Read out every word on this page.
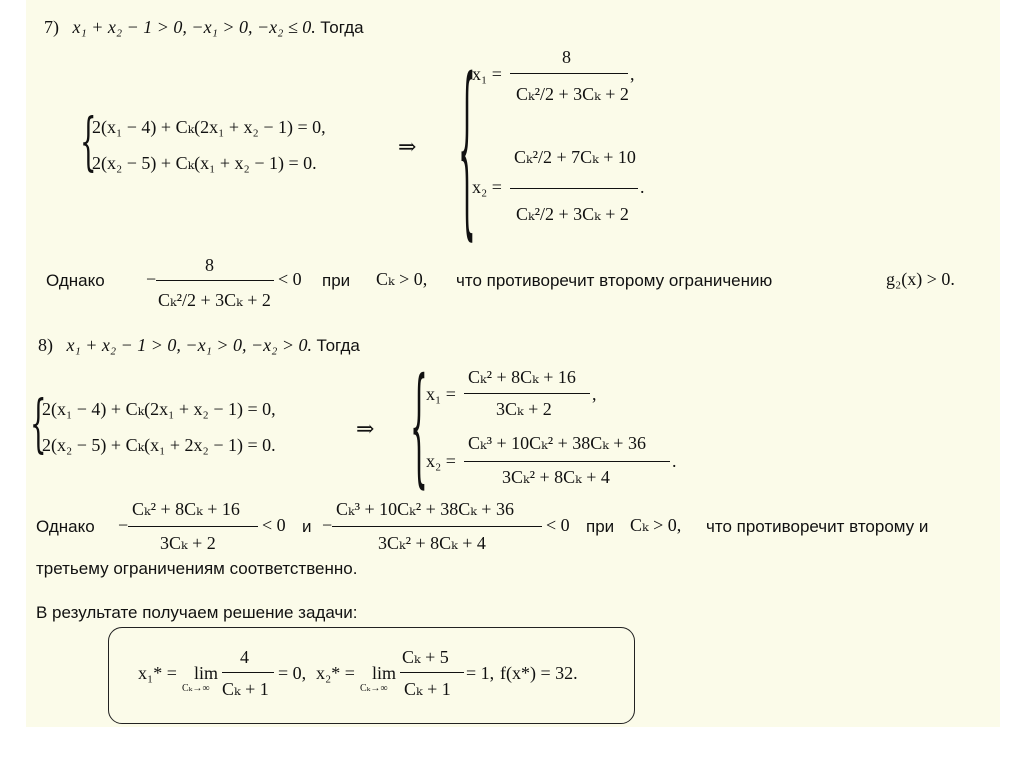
7) x₁ + x₂ − 1 > 0, −x₁ > 0, −x₂ ≤ 0. Тогда
{
2(x₁ − 4) + Cₖ(2x₁ + x₂ − 1) = 0,
2(x₂ − 5) + Cₖ(x₁ + x₂ − 1) = 0.
⇒ {
x₁ =
8
Cₖ²/2 + 3Cₖ + 2
,
x₂ =
Cₖ²/2 + 7Cₖ + 10
Cₖ²/2 + 3Cₖ + 2
.
Однако −
8
Cₖ²/2 + 3Cₖ + 2
< 0 при Cₖ > 0, что противоречит второму ограничению	g₂(x) > 0.
8) x₁ + x₂ − 1 > 0, −x₁ > 0, −x₂ > 0. Тогда
{
2(x₁ − 4) + Cₖ(2x₁ + x₂ − 1) = 0,
2(x₂ − 5) + Cₖ(x₁ + 2x₂ − 1) = 0.
⇒ {
x₁ =
Cₖ² + 8Cₖ + 16
3Cₖ + 2
,
x₂ =
Cₖ³ + 10Cₖ² + 38Cₖ + 36
3Cₖ² + 8Cₖ + 4
.
Однако −
Cₖ² + 8Cₖ + 16
3Cₖ + 2
< 0 и −
Cₖ³ + 10Cₖ² + 38Cₖ + 36
3Cₖ² + 8Cₖ + 4
< 0 при Cₖ > 0, что противоречит второму и
третьему ограничениям соответственно.
В результате получаем решение задачи:
x₁* = lim
Cₖ→∞
4
Cₖ + 1
= 0, x₂* = lim
Cₖ→∞
Cₖ + 5
Cₖ + 1
= 1, f(x*) = 32.
